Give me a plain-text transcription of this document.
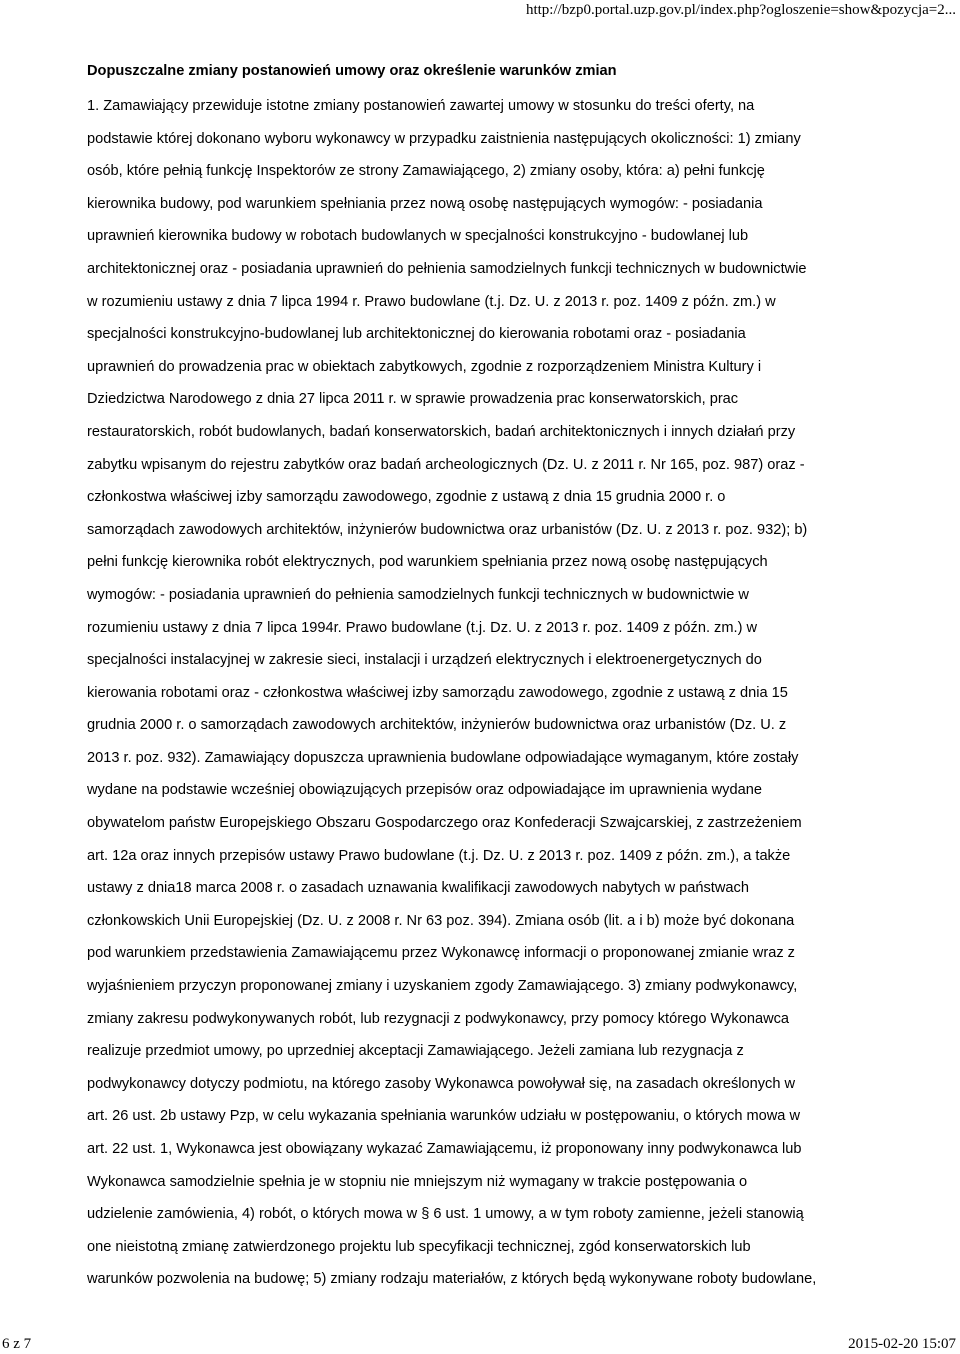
http://bzp0.portal.uzp.gov.pl/index.php?ogloszenie=show&pozycja=2...
Dopuszczalne zmiany postanowień umowy oraz określenie warunków zmian
1. Zamawiający przewiduje istotne zmiany postanowień zawartej umowy w stosunku do treści oferty, na
podstawie której dokonano wyboru wykonawcy w przypadku zaistnienia następujących okoliczności: 1) zmiany
osób, które pełnią funkcję Inspektorów ze strony Zamawiającego, 2) zmiany osoby, która: a) pełni funkcję
kierownika budowy, pod warunkiem spełniania przez nową osobę następujących wymogów: - posiadania
uprawnień kierownika budowy w robotach budowlanych w specjalności konstrukcyjno - budowlanej lub
architektonicznej oraz - posiadania uprawnień do pełnienia samodzielnych funkcji technicznych w budownictwie
w rozumieniu ustawy z dnia 7 lipca 1994 r. Prawo budowlane (t.j. Dz. U. z 2013 r. poz. 1409 z późn. zm.) w
specjalności konstrukcyjno-budowlanej lub architektonicznej do kierowania robotami oraz - posiadania
uprawnień do prowadzenia prac w obiektach zabytkowych, zgodnie z rozporządzeniem Ministra Kultury i
Dziedzictwa Narodowego z dnia 27 lipca 2011 r. w sprawie prowadzenia prac konserwatorskich, prac
restauratorskich, robót budowlanych, badań konserwatorskich, badań architektonicznych i innych działań przy
zabytku wpisanym do rejestru zabytków oraz badań archeologicznych (Dz. U. z 2011 r. Nr 165, poz. 987) oraz -
członkostwa właściwej izby samorządu zawodowego, zgodnie z ustawą z dnia 15 grudnia 2000 r. o
samorządach zawodowych architektów, inżynierów budownictwa oraz urbanistów (Dz. U. z 2013 r. poz. 932); b)
pełni funkcję kierownika robót elektrycznych, pod warunkiem spełniania przez nową osobę następujących
wymogów: - posiadania uprawnień do pełnienia samodzielnych funkcji technicznych w budownictwie w
rozumieniu ustawy z dnia 7 lipca 1994r. Prawo budowlane (t.j. Dz. U. z 2013 r. poz. 1409 z późn. zm.) w
specjalności instalacyjnej w zakresie sieci, instalacji i urządzeń elektrycznych i elektroenergetycznych do
kierowania robotami oraz - członkostwa właściwej izby samorządu zawodowego, zgodnie z ustawą z dnia 15
grudnia 2000 r. o samorządach zawodowych architektów, inżynierów budownictwa oraz urbanistów (Dz. U. z
2013 r. poz. 932). Zamawiający dopuszcza uprawnienia budowlane odpowiadające wymaganym, które zostały
wydane na podstawie wcześniej obowiązujących przepisów oraz odpowiadające im uprawnienia wydane
obywatelom państw Europejskiego Obszaru Gospodarczego oraz Konfederacji Szwajcarskiej, z zastrzeżeniem
art. 12a oraz innych przepisów ustawy Prawo budowlane (t.j. Dz. U. z 2013 r. poz. 1409 z późn. zm.), a także
ustawy z dnia18 marca 2008 r. o zasadach uznawania kwalifikacji zawodowych nabytych w państwach
członkowskich Unii Europejskiej (Dz. U. z 2008 r. Nr 63 poz. 394). Zmiana osób (lit. a i b) może być dokonana
pod warunkiem przedstawienia Zamawiającemu przez Wykonawcę informacji o proponowanej zmianie wraz z
wyjaśnieniem przyczyn proponowanej zmiany i uzyskaniem zgody Zamawiającego. 3) zmiany podwykonawcy,
zmiany zakresu podwykonywanych robót, lub rezygnacji z podwykonawcy, przy pomocy którego Wykonawca
realizuje przedmiot umowy, po uprzedniej akceptacji Zamawiającego. Jeżeli zamiana lub rezygnacja z
podwykonawcy dotyczy podmiotu, na którego zasoby Wykonawca powoływał się, na zasadach określonych w
art. 26 ust. 2b ustawy Pzp, w celu wykazania spełniania warunków udziału w postępowaniu, o których mowa w
art. 22 ust. 1, Wykonawca jest obowiązany wykazać Zamawiającemu, iż proponowany inny podwykonawca lub
Wykonawca samodzielnie spełnia je w stopniu nie mniejszym niż wymagany w trakcie postępowania o
udzielenie zamówienia, 4) robót, o których mowa w § 6 ust. 1 umowy, a w tym roboty zamienne, jeżeli stanowią
one nieistotną zmianę zatwierdzonego projektu lub specyfikacji technicznej, zgód konserwatorskich lub
warunków pozwolenia na budowę; 5) zmiany rodzaju materiałów, z których będą wykonywane roboty budowlane,
6 z 7	2015-02-20 15:07
